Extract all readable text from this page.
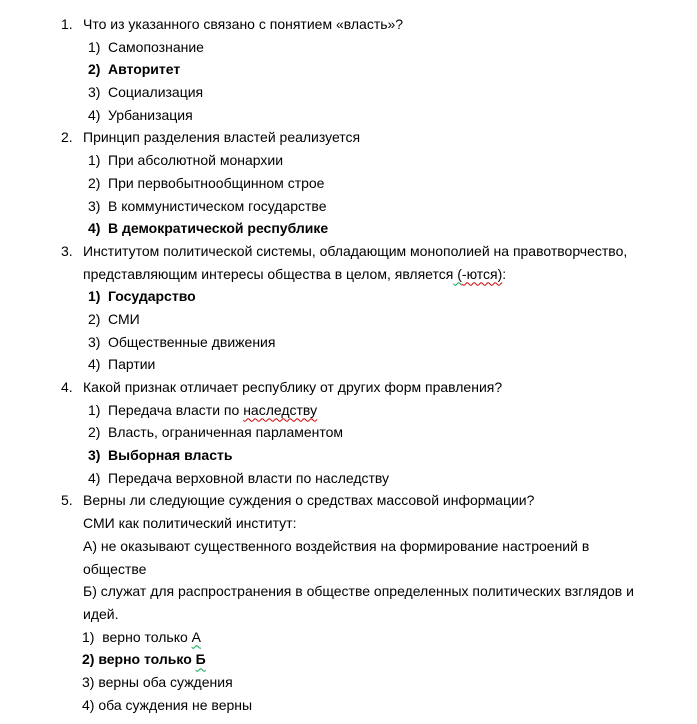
1. Что из указанного связано с понятием «власть»?
1) Самопознание
2) Авторитет
3) Социализация
4) Урбанизация
2. Принцип разделения властей реализуется
1) При абсолютной монархии
2) При первобытнообщинном строе
3) В коммунистическом государстве
4) В демократической республике
3. Институтом политической системы, обладающим монополией на правотворчество,
представляющим интересы общества в целом, является (-ются):
1) Государство
2) СМИ
3) Общественные движения
4) Партии
4. Какой признак отличает республику от других форм правления?
1) Передача власти по наследству
2) Власть, ограниченная парламентом
3) Выборная власть
4) Передача верховной власти по наследству
5. Верны ли следующие суждения о средствах массовой информации?
СМИ как политический институт:
А) не оказывают существенного воздействия на формирование настроений в
обществе
Б) служат для распространения в обществе определенных политических взглядов и
идей.
1)  верно только А
2) верно только Б
3) верны оба суждения
4) оба суждения не верны
